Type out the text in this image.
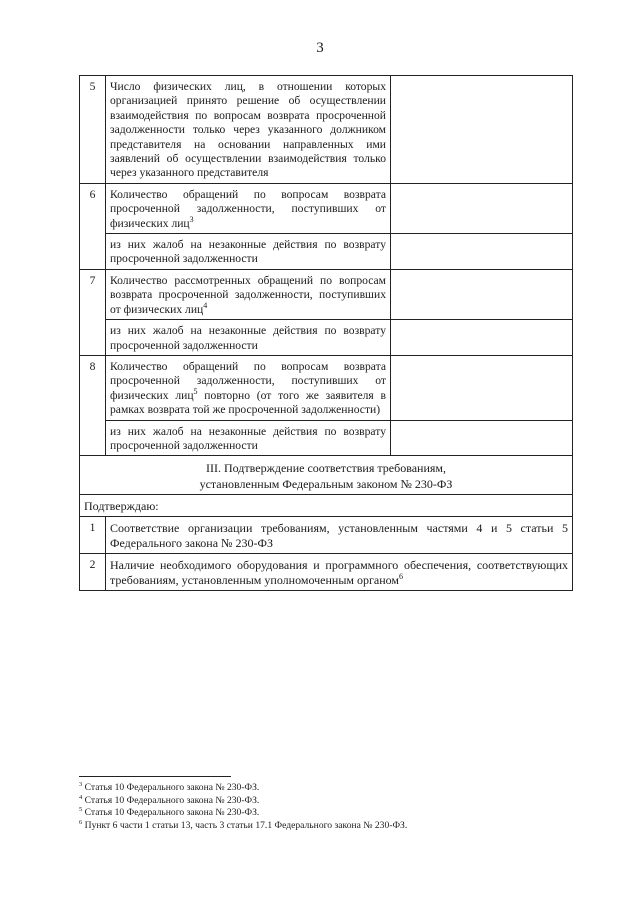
3
5	Число физических лиц, в отношении которых организацией принято решение об осуществлении взаимодействия по вопросам возврата просроченной задолженности только через указанного должником представителя на основании направленных ими заявлений об осуществлении взаимодействия только через указанного представителя	
6	Количество обращений по вопросам возврата просроченной задолженности, поступивших от физических лиц$^3$	
	из них жалоб на незаконные действия по возврату просроченной задолженности	
7	Количество рассмотренных обращений по вопросам возврата просроченной задолженности, поступивших от физических лиц$^4$	
	из них жалоб на незаконные действия по возврату просроченной задолженности	
8	Количество обращений по вопросам возврата просроченной задолженности, поступивших от физических лиц$^5$ повторно (от того же заявителя в рамках возврата той же просроченной задолженности)	
	из них жалоб на незаконные действия по возврату просроченной задолженности	

III. Подтверждение соответствия требованиям,
установленным Федеральным законом № 230-ФЗ		

Подтверждаю:		
1	Соответствие организации требованиям, установленным частями 4 и 5 статьи 5 Федерального закона № 230-ФЗ	
2	Наличие необходимого оборудования и программного обеспечения, соответствующих требованиям, установленным уполномоченным органом$^6$
$^3$ Статья 10 Федерального закона № 230-ФЗ.
$^4$ Статья 10 Федерального закона № 230-ФЗ.
$^5$ Статья 10 Федерального закона № 230-ФЗ.
$^6$ Пункт 6 части 1 статьи 13, часть 3 статьи 17.1 Федерального закона № 230-ФЗ.
